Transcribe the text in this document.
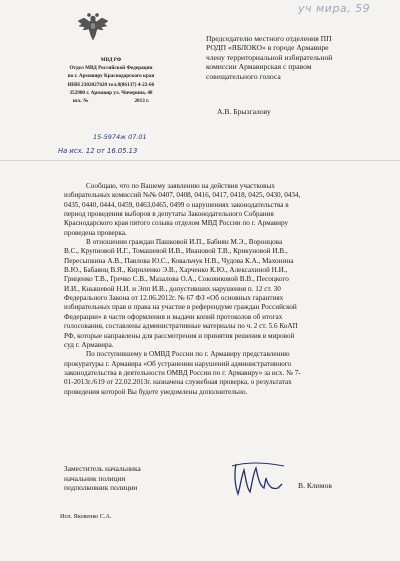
уч мира, 59
МВД РФ
Отдел МВД Российской Федерации
по г. Армавиру Краснодарского края
ИНН 2302027620 тел.8(86137) 4-22-66
352900 г. Армавир ул. Чичерина, 48
исх. №	2013 г.
15-5974ж 07.01
На исх. 12 от 16.05.13
Председателю местного отделения ПП
РОДП «ЯБЛОКО» в городе Армавире
члену территориальной избирательной
комиссии Армавирская с правом
совещательного голоса
А.В. Брызгалову
Сообщаю, что по Вашему заявлению на действия участковых
избирательных комиссий №№ 0407, 0408, 0416, 0417, 0418, 0425, 0430, 0434,
0435, 0440, 0444, 0459, 0463,0465, 0499 о нарушениях законодательства в
период проведения выборов в депутаты Законодательного Собрания
Краснодарского края пятого созыва отделом МВД России по г. Армавиру
проведена проверка.
В отношении граждан Пашковой И.П., Бабиян М.Э., Воронцова
В.С., Крупновой И.Г., Томашевой И.В., Ивановой Т.В., Крикуновой И.В.,
Пересыпкина А.В., Павлова Ю.С., Ковальчук Н.В., Чудова К.А., Махонина
В.Ю., Бабаянц В.Я., Кириленко Э.В., Харченко К.Ю., Алексахиной Н.И.,
Гриценко Т.В., Гречко С.В., Мазалова О.А., Соковиковой В.В., Песоцкого
И.И., Кнышевой Н.И. и Эпп И.В., допустивших нарушения п. 12 ст. 30
Федерального Закона от 12.06.2012г. № 67 ФЗ «Об основных гарантиях
избирательных прав и права на участие в референдуме граждан Российской
Федерации» в части оформления и выдачи копий протоколов об итогах
голосования, составлены административные материалы по ч. 2 ст. 5.6 КоАП
РФ, которые направлены для рассмотрения и принятия решения в мировой
суд г. Армавира.
По поступившему в ОМВД России по г. Армавиру представлению
прокуратуры г. Армавира «Об устранении нарушений административного
законодательства в деятельности ОМВД России по г. Армавиру» за исх. № 7-
01-2013г./619 от 22.02.2013г. назначена служебная проверка, о результатах
проведения которой Вы будете уведомлены дополнительно.
Заместитель начальника
начальник полиции
подполковник полиции	В. Климов
Исп. Яковенко С.А.
